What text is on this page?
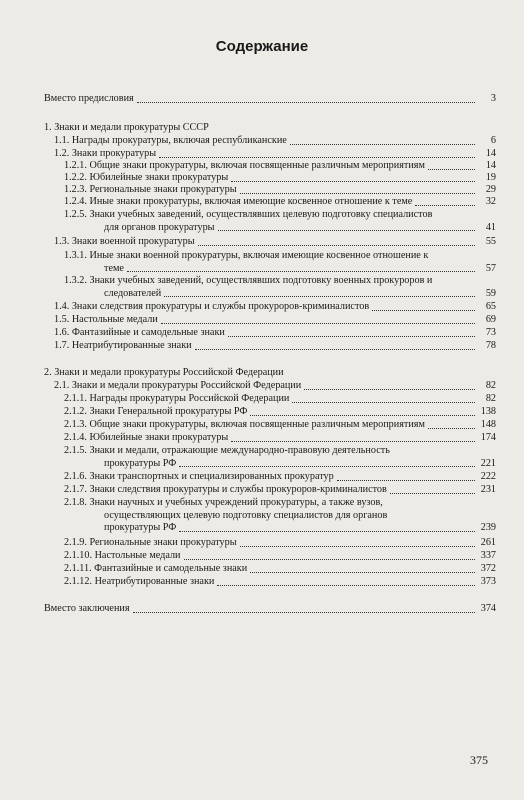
Содержание
Вместо предисловия	3
1. Знаки и медали прокуратуры СССР
1.1. Награды прокуратуры, включая республиканские	6
1.2. Знаки прокуратуры	14
1.2.1. Общие знаки прокуратуры, включая посвященные различным мероприятиям	14
1.2.2. Юбилейные знаки прокуратуры	19
1.2.3. Региональные знаки прокуратуры	29
1.2.4. Иные знаки прокуратуры, включая имеющие косвенное отношение к теме	32
1.2.5. Знаки учебных заведений, осуществлявших целевую подготовку специалистов
для органов прокуратуры	41
1.3. Знаки военной прокуратуры	55
1.3.1. Иные знаки военной прокуратуры, включая имеющие косвенное отношение к
теме	57
1.3.2. Знаки учебных заведений, осуществлявших подготовку военных прокуроров и
следователей	59
1.4. Знаки следствия прокуратуры и службы прокуроров-криминалистов	65
1.5. Настольные медали	69
1.6. Фантазийные и самодельные знаки	73
1.7. Неатрибутированные знаки	78
2. Знаки и медали прокуратуры Российской Федерации
2.1. Знаки и медали прокуратуры Российской Федерации	82
2.1.1. Награды прокуратуры Российской Федерации	82
2.1.2. Знаки Генеральной прокуратуры РФ	138
2.1.3. Общие знаки прокуратуры, включая посвященные различным мероприятиям	148
2.1.4. Юбилейные знаки прокуратуры	174
2.1.5. Знаки и медали, отражающие международно-правовую деятельность
прокуратуры РФ	221
2.1.6. Знаки транспортных и специализированных прокуратур	222
2.1.7. Знаки следствия прокуратуры и службы прокуроров-криминалистов	231
2.1.8. Знаки научных и учебных учреждений прокуратуры, а также вузов,
осуществляющих целевую подготовку специалистов для органов
прокуратуры РФ	239
2.1.9. Региональные знаки прокуратуры	261
2.1.10. Настольные медали	337
2.1.11. Фантазийные и самодельные знаки	372
2.1.12. Неатрибутированные знаки	373
Вместо заключения	374
375
